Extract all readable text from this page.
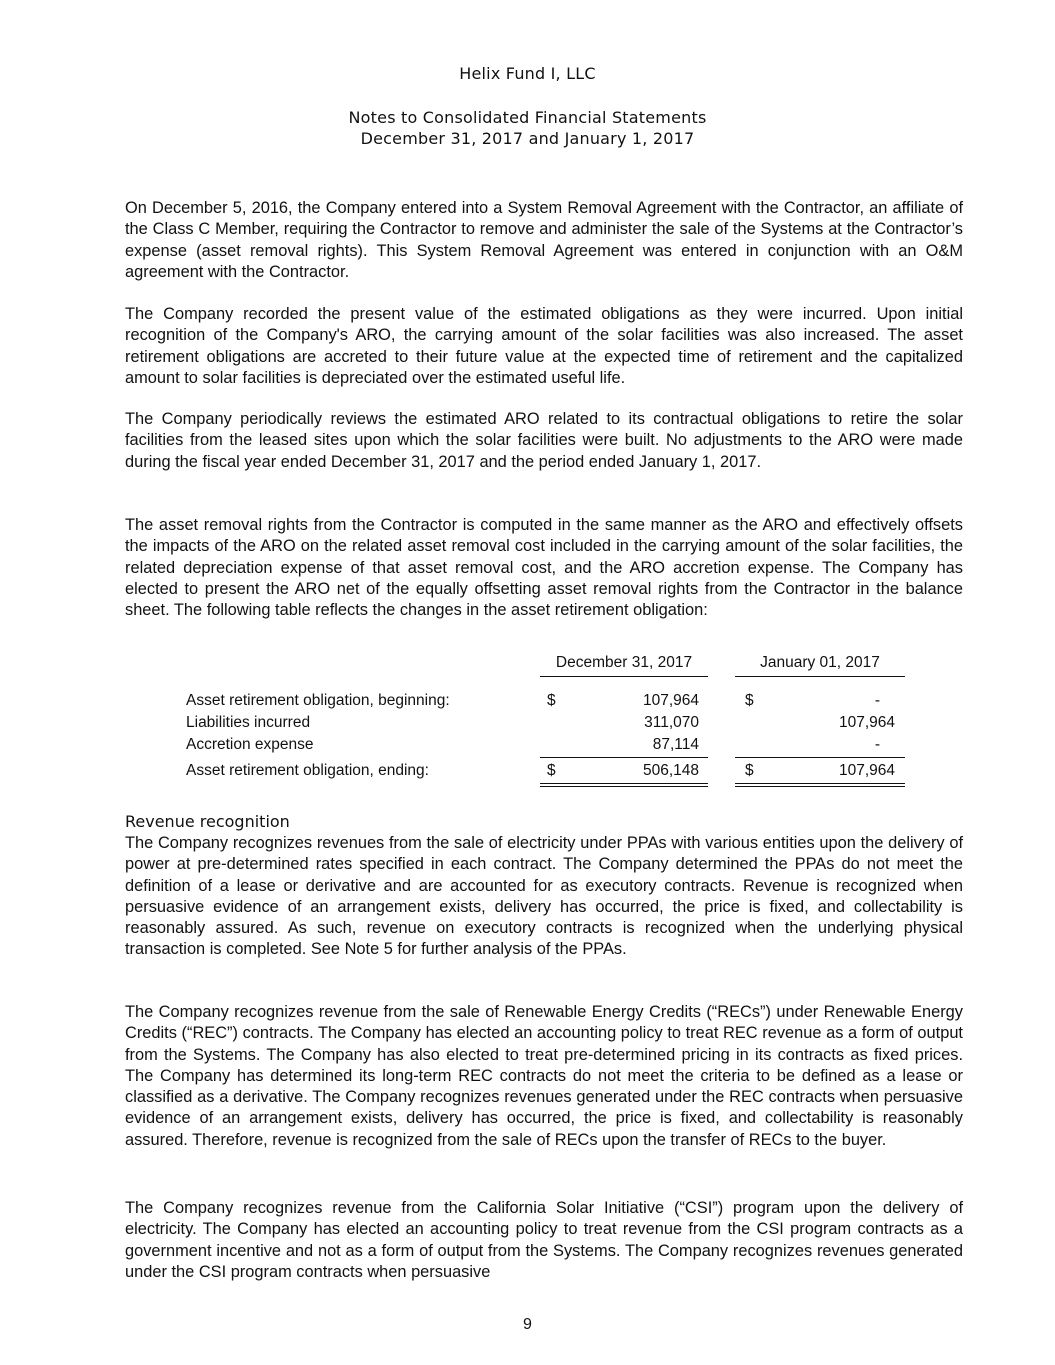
Helix Fund I, LLC
Notes to Consolidated Financial Statements
December 31, 2017 and January 1, 2017

On December 5, 2016, the Company entered into a System Removal Agreement with the Contractor, an affiliate of the Class C Member, requiring the Contractor to remove and administer the sale of the Systems at the Contractor’s expense (asset removal rights). This System Removal Agreement was entered in conjunction with an O&M agreement with the Contractor.

The Company recorded the present value of the estimated obligations as they were incurred. Upon initial recognition of the Company's ARO, the carrying amount of the solar facilities was also increased. The asset retirement obligations are accreted to their future value at the expected time of retirement and the capitalized amount to solar facilities is depreciated over the estimated useful life.

The Company periodically reviews the estimated ARO related to its contractual obligations to retire the solar facilities from the leased sites upon which the solar facilities were built. No adjustments to the ARO were made during the fiscal year ended December 31, 2017 and the period ended January 1, 2017.

The asset removal rights from the Contractor is computed in the same manner as the ARO and effectively offsets the impacts of the ARO on the related asset removal cost included in the carrying amount of the solar facilities, the related depreciation expense of that asset removal cost, and the ARO accretion expense. The Company has elected to present the ARO net of the equally offsetting asset removal rights from the Contractor in the balance sheet. The following table reflects the changes in the asset retirement obligation:

December 31, 2017	January 01, 2017
Asset retirement obligation, beginning:	$	107,964	$	-
Liabilities incurred	311,070	107,964
Accretion expense	87,114	-
Asset retirement obligation, ending:	$	506,148	$	107,964
Revenue recognition

The Company recognizes revenues from the sale of electricity under PPAs with various entities upon the delivery of power at pre-determined rates specified in each contract. The Company determined the PPAs do not meet the definition of a lease or derivative and are accounted for as executory contracts. Revenue is recognized when persuasive evidence of an arrangement exists, delivery has occurred, the price is fixed, and collectability is reasonably assured. As such, revenue on executory contracts is recognized when the underlying physical transaction is completed. See Note 5 for further analysis of the PPAs.

The Company recognizes revenue from the sale of Renewable Energy Credits (“RECs”) under Renewable Energy Credits (“REC”) contracts. The Company has elected an accounting policy to treat REC revenue as a form of output from the Systems. The Company has also elected to treat pre-determined pricing in its contracts as fixed prices. The Company has determined its long-term REC contracts do not meet the criteria to be defined as a lease or classified as a derivative. The Company recognizes revenues generated under the REC contracts when persuasive evidence of an arrangement exists, delivery has occurred, the price is fixed, and collectability is reasonably assured. Therefore, revenue is recognized from the sale of RECs upon the transfer of RECs to the buyer.

The Company recognizes revenue from the California Solar Initiative (“CSI”) program upon the delivery of electricity. The Company has elected an accounting policy to treat revenue from the CSI program contracts as a government incentive and not as a form of output from the Systems. The Company recognizes revenues generated under the CSI program contracts when persuasive

9
